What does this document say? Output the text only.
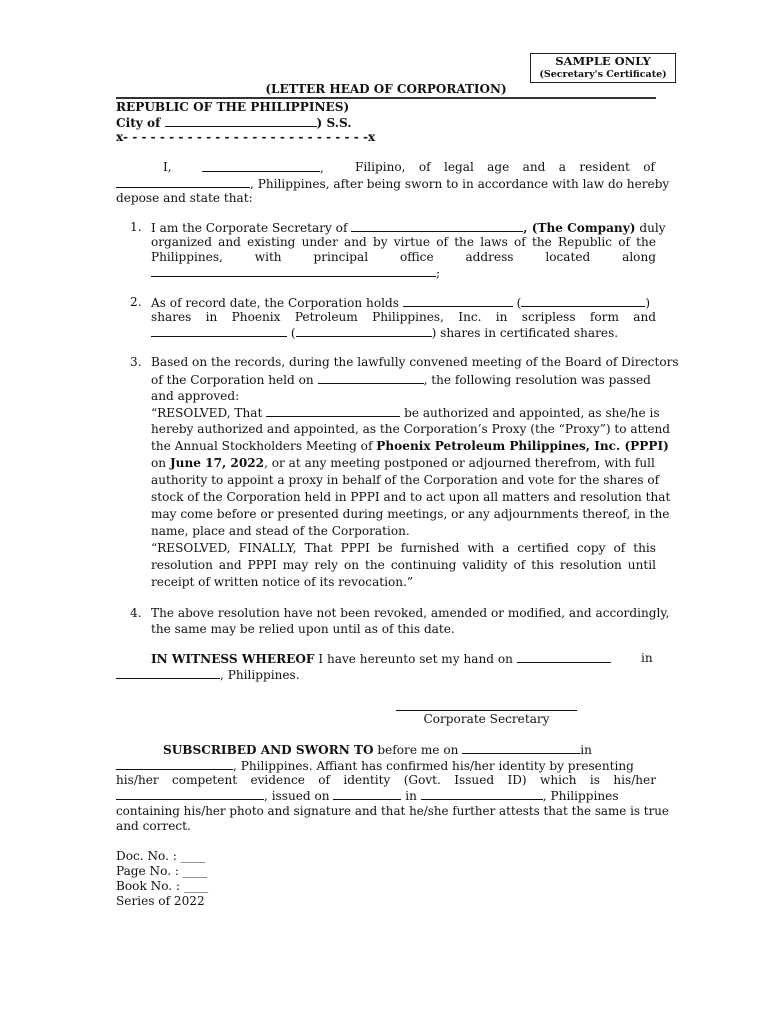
SAMPLE ONLY
(Secretary's Certificate)
(LETTER HEAD OF CORPORATION)
REPUBLIC OF THE PHILIPPINES)
City of	) S.S.
x- - - - - - - - - - - - - - - - - - - - - - - - - - -x
I,	,	Filipino, of legal age and a resident of
, Philippines, after being sworn to in accordance with law do hereby
depose and state that:
1. I am the Corporate Secretary of	, (The Company) duly
organized and existing under and by virtue of the laws of the Republic of the
Philippines, with principal office address located along
;
2. As of record date, the Corporation holds	(	)
shares in Phoenix Petroleum Philippines, Inc. in scripless form and
(	) shares in certificated shares.
3. Based on the records, during the lawfully convened meeting of the Board of Directors
of the Corporation held on	, the following resolution was passed
and approved:
“RESOLVED, That	be authorized and appointed, as she/he is
hereby authorized and appointed, as the Corporation’s Proxy (the “Proxy”) to attend
the Annual Stockholders Meeting of Phoenix Petroleum Philippines, Inc. (PPPI)
on June 17, 2022, or at any meeting postponed or adjourned therefrom, with full
authority to appoint a proxy in behalf of the Corporation and vote for the shares of
stock of the Corporation held in PPPI and to act upon all matters and resolution that
may come before or presented during meetings, or any adjournments thereof, in the
name, place and stead of the Corporation.
“RESOLVED, FINALLY, That PPPI be furnished with a certified copy of this
resolution and PPPI may rely on the continuing validity of this resolution until
receipt of written notice of its revocation.”
4. The above resolution have not been revoked, amended or modified, and accordingly,
the same may be relied upon until as of this date.
IN WITNESS WHEREOF I have hereunto set my hand on	in
, Philippines.
Corporate Secretary
SUBSCRIBED AND SWORN TO before me on	in
, Philippines. Affiant has confirmed his/her identity by presenting
his/her competent evidence of identity (Govt. Issued ID) which is his/her
, issued on	in	, Philippines
containing his/her photo and signature and that he/she further attests that the same is true
and correct.
Doc. No. : ____
Page No. : ____
Book No. : ____
Series of 2022
